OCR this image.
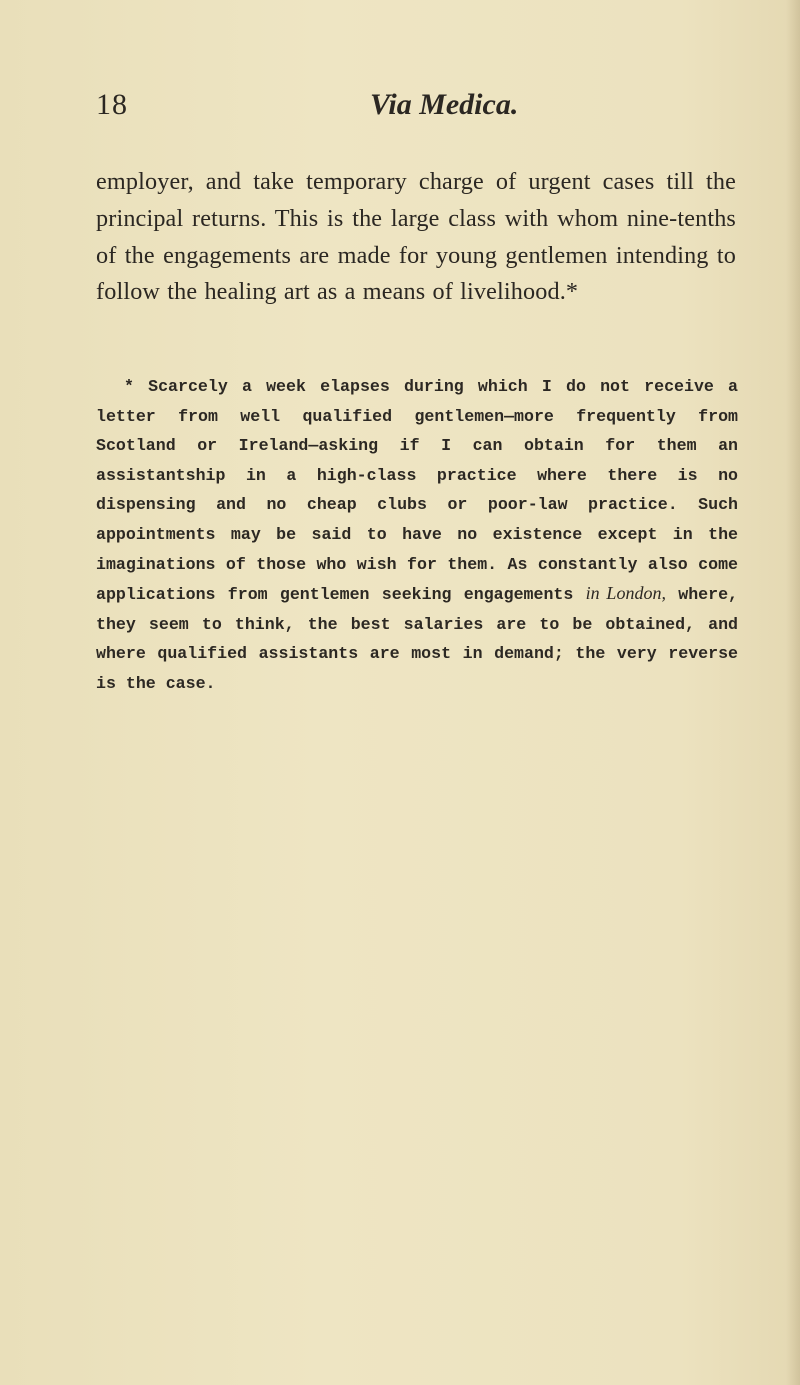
18	Via Medica.

employer, and take temporary charge of urgent cases till the principal returns. This is the large class with whom nine-tenths of the engagements are made for young gentlemen intending to follow the healing art as a means of livelihood.*

* Scarcely a week elapses during which I do not receive a letter from well qualified gentlemen—more frequently from Scotland or Ireland—asking if I can obtain for them an assistantship in a high-class practice where there is no dispensing and no cheap clubs or poor-law practice. Such appointments may be said to have no existence except in the imaginations of those who wish for them. As constantly also come applications from gentlemen seeking engagements in London, where, they seem to think, the best salaries are to be obtained, and where qualified assistants are most in demand; the very reverse is the case.
